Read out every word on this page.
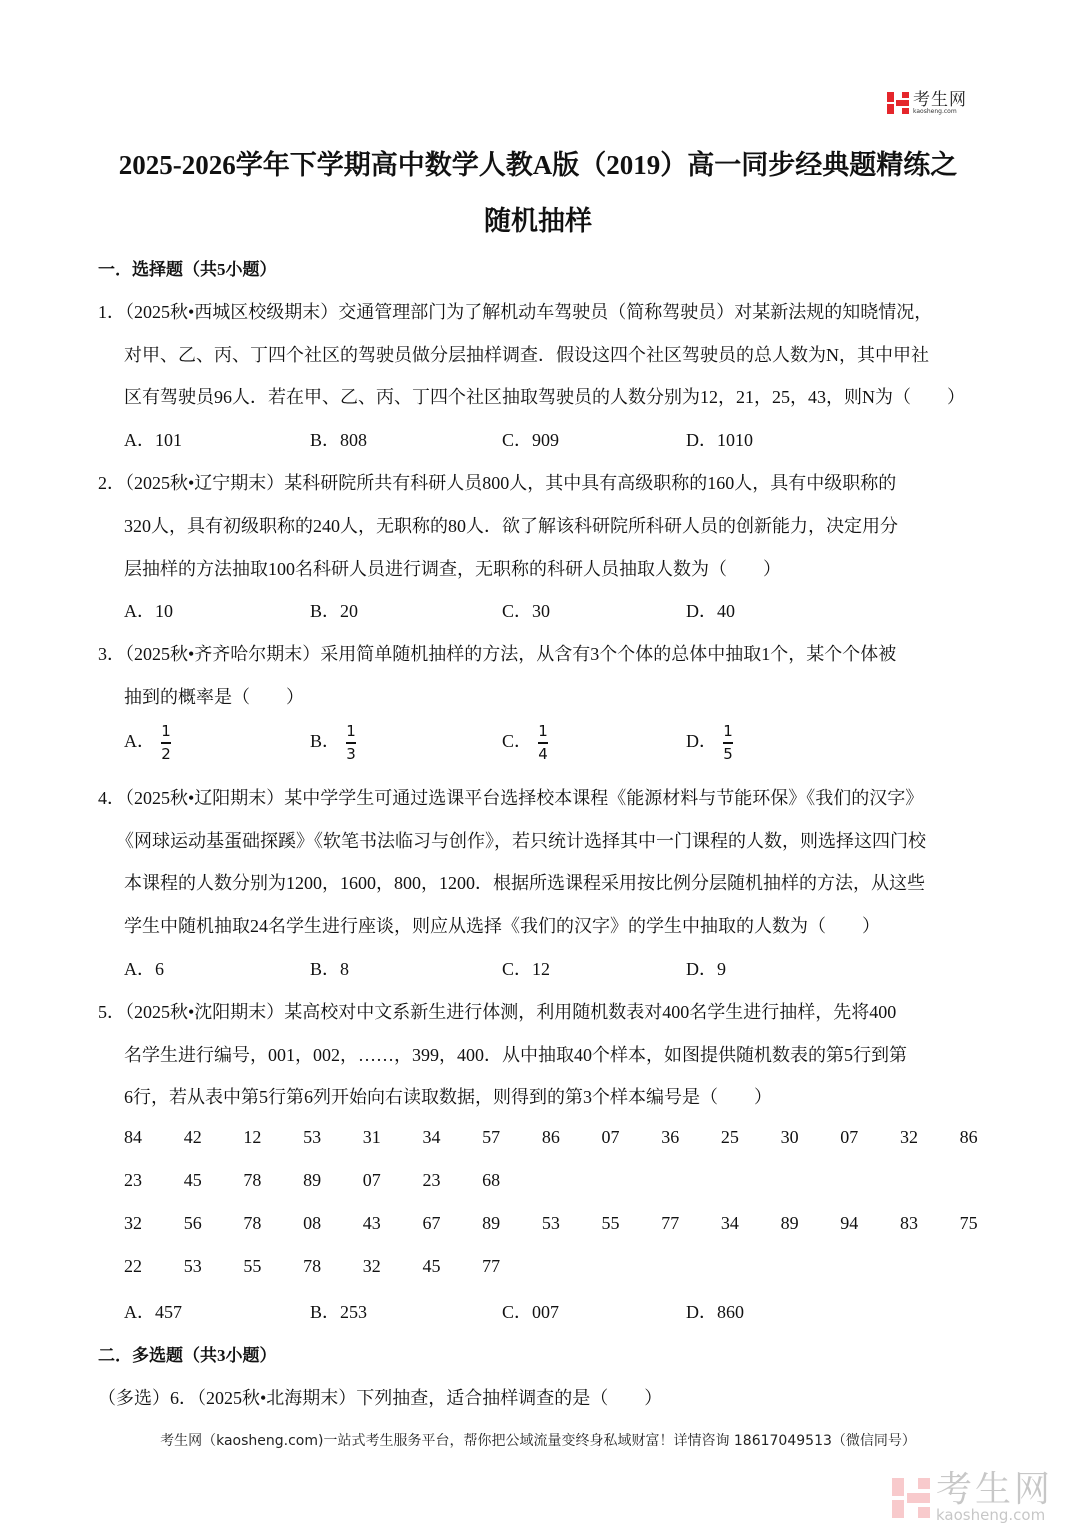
考生网
kaosheng.com
2025-2026学年下学期高中数学人教A版（2019）高一同步经典题精练之
随机抽样
一．选择题（共5小题）
1．（2025秋•西城区校级期末）交通管理部门为了解机动车驾驶员（简称驾驶员）对某新法规的知晓情况，
对甲、乙、丙、丁四个社区的驾驶员做分层抽样调查．假设这四个社区驾驶员的总人数为N，其中甲社
区有驾驶员96人．若在甲、乙、丙、丁四个社区抽取驾驶员的人数分别为12，21，25，43，则N为（　　）
A．101	B．808	C．909	D．1010
2．（2025秋•辽宁期末）某科研院所共有科研人员800人，其中具有高级职称的160人，具有中级职称的
320人，具有初级职称的240人，无职称的80人．欲了解该科研院所科研人员的创新能力，决定用分
层抽样的方法抽取100名科研人员进行调查，无职称的科研人员抽取人数为（　　）
A．10	B．20	C．30	D．40
3．（2025秋•齐齐哈尔期末）采用简单随机抽样的方法，从含有3个个体的总体中抽取1个，某个个体被
抽到的概率是（　　）
A． $\frac{1}{2}$	B． $\frac{1}{3}$	C． $\frac{1}{4}$	D． $\frac{1}{5}$
4．（2025秋•辽阳期末）某中学学生可通过选课平台选择校本课程《能源材料与节能环保》《我们的汉字》
《网球运动基蛋础探蹊》《软笔书法临习与创作》，若只统计选择其中一门课程的人数，则选择这四门校
本课程的人数分别为1200，1600，800，1200．根据所选课程采用按比例分层随机抽样的方法，从这些
学生中随机抽取24名学生进行座谈，则应从选择《我们的汉字》的学生中抽取的人数为（　　）
A．6	B．8	C．12	D．9
5．（2025秋•沈阳期末）某高校对中文系新生进行体测，利用随机数表对400名学生进行抽样，先将400
名学生进行编号，001，002，……，399，400．从中抽取40个样本，如图提供随机数表的第5行到第
6行，若从表中第5行第6列开始向右读取数据，则得到的第3个样本编号是（　　）
84	42	12	53	31	34	57	86	07	36	25	30	07	32	86
23	45	78	89	07	23	68
32	56	78	08	43	67	89	53	55	77	34	89	94	83	75
22	53	55	78	32	45	77
A．457	B．253	C．007	D．860
二．多选题（共3小题）
（多选）6．（2025秋•北海期末）下列抽查，适合抽样调查的是（　　）
考生网（kaosheng.com)一站式考生服务平台，帮你把公域流量变终身私域财富！详情咨询 18617049513（微信同号）
考生网
kaosheng.com
